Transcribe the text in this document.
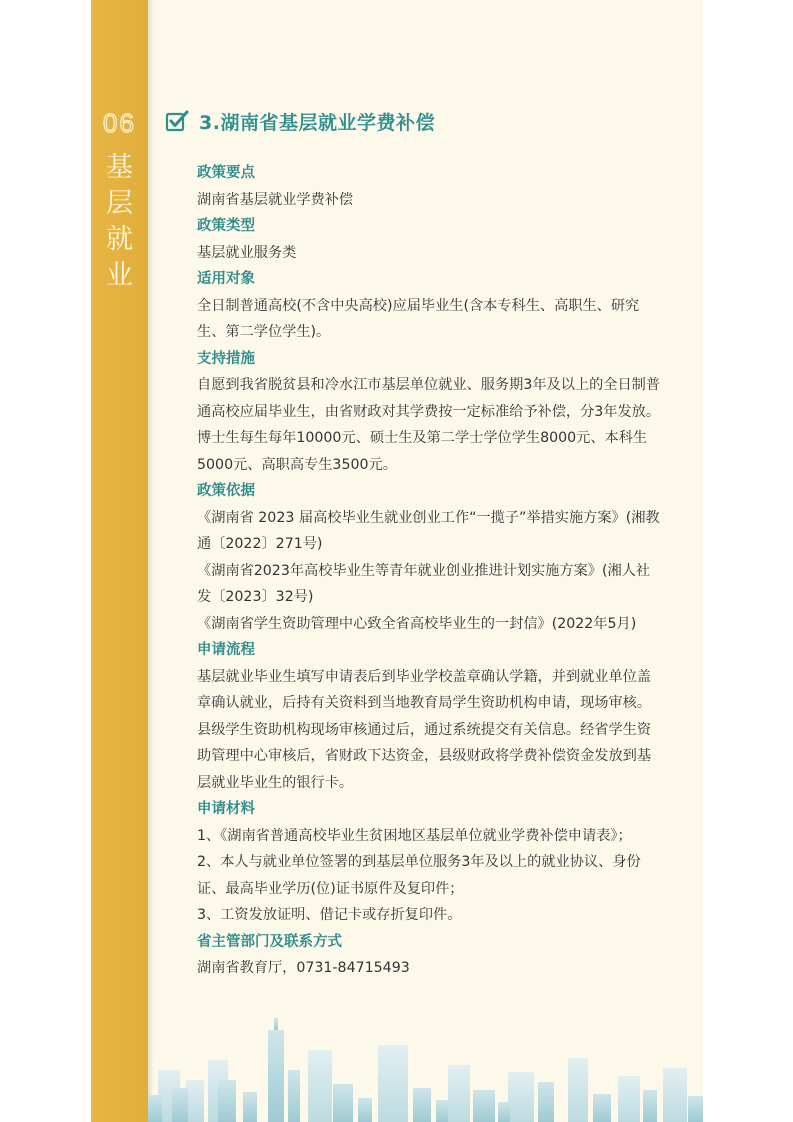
06
基
层
就
业
3.湖南省基层就业学费补偿
政策要点

湖南省基层就业学费补偿

政策类型

基层就业服务类

适用对象

全日制普通高校(不含中央高校)应届毕业生(含本专科生、高职生、研究生、第二学位学生)。

支持措施

自愿到我省脱贫县和冷水江市基层单位就业、服务期3年及以上的全日制普通高校应届毕业生，由省财政对其学费按一定标准给予补偿，分3年发放。博士生每生每年10000元、硕士生及第二学士学位学生8000元、本科生5000元、高职高专生3500元。

政策依据

《湖南省 2023 届高校毕业生就业创业工作“一揽子”举措实施方案》(湘教通〔2022〕271号)

《湖南省2023年高校毕业生等青年就业创业推进计划实施方案》(湘人社发〔2023〕32号)

《湖南省学生资助管理中心致全省高校毕业生的一封信》(2022年5月)

申请流程

基层就业毕业生填写申请表后到毕业学校盖章确认学籍，并到就业单位盖章确认就业，后持有关资料到当地教育局学生资助机构申请，现场审核。县级学生资助机构现场审核通过后，通过系统提交有关信息。经省学生资助管理中心审核后，省财政下达资金，县级财政将学费补偿资金发放到基层就业毕业生的银行卡。

申请材料

1、《湖南省普通高校毕业生贫困地区基层单位就业学费补偿申请表》；

2、本人与就业单位签署的到基层单位服务3年及以上的就业协议、身份证、最高毕业学历(位)证书原件及复印件；

3、工资发放证明、借记卡或存折复印件。

省主管部门及联系方式

湖南省教育厅，0731-84715493
